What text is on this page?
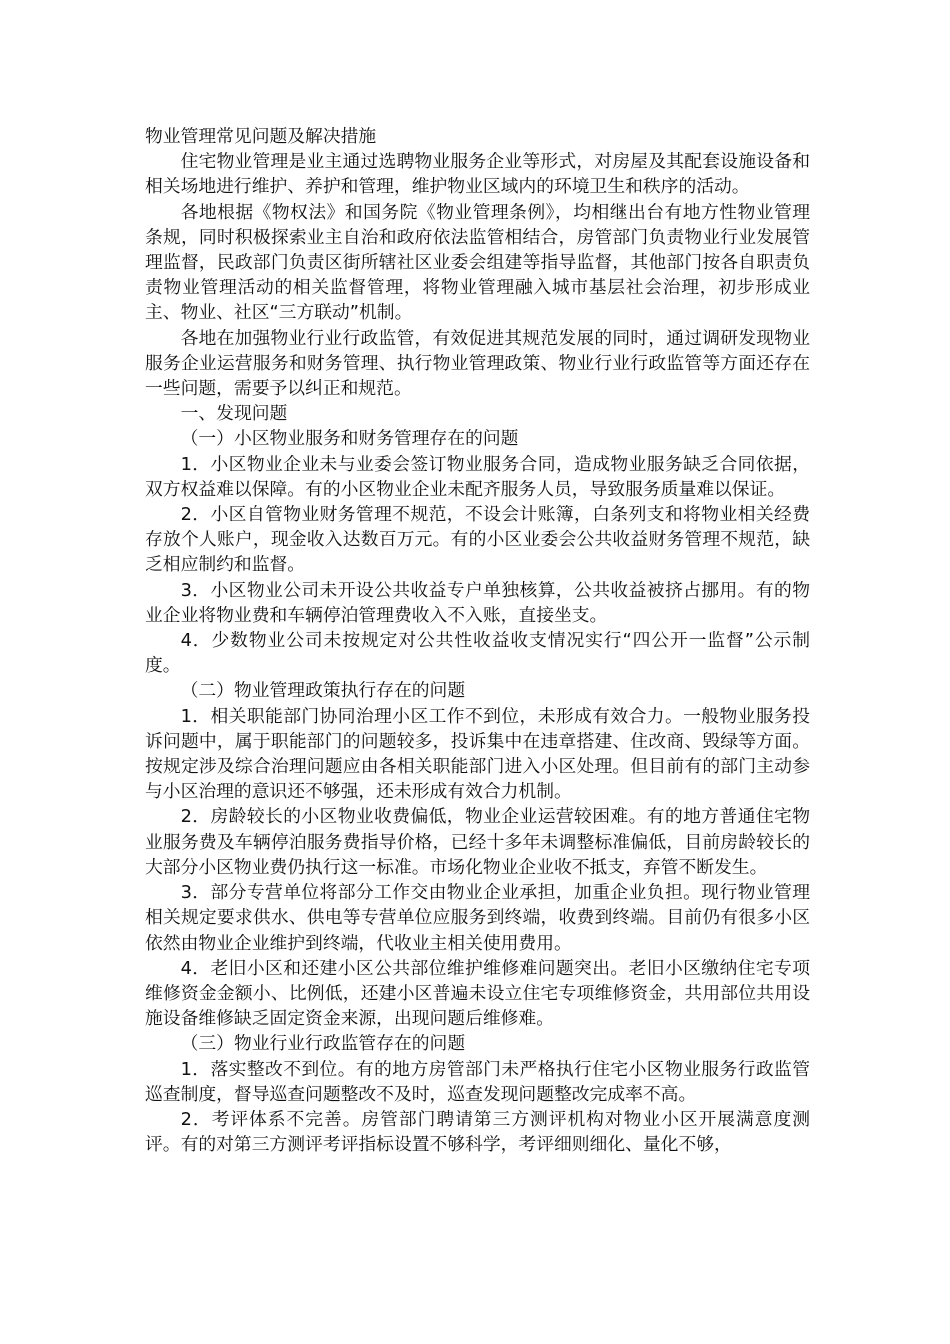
物业管理常见问题及解决措施

住宅物业管理是业主通过选聘物业服务企业等形式，对房屋及其配套设施设备和相关场地进行维护、养护和管理，维护物业区域内的环境卫生和秩序的活动。

各地根据《物权法》和国务院《物业管理条例》，均相继出台有地方性物业管理条规，同时积极探索业主自治和政府依法监管相结合，房管部门负责物业行业发展管理监督，民政部门负责区街所辖社区业委会组建等指导监督，其他部门按各自职责负责物业管理活动的相关监督管理，将物业管理融入城市基层社会治理，初步形成业主、物业、社区“三方联动”机制。

各地在加强物业行业行政监管，有效促进其规范发展的同时，通过调研发现物业服务企业运营服务和财务管理、执行物业管理政策、物业行业行政监管等方面还存在一些问题，需要予以纠正和规范。

一、发现问题

（一）小区物业服务和财务管理存在的问题

1．小区物业企业未与业委会签订物业服务合同，造成物业服务缺乏合同依据，双方权益难以保障。有的小区物业企业未配齐服务人员，导致服务质量难以保证。

2．小区自管物业财务管理不规范，不设会计账簿，白条列支和将物业相关经费存放个人账户，现金收入达数百万元。有的小区业委会公共收益财务管理不规范，缺乏相应制约和监督。

3．小区物业公司未开设公共收益专户单独核算，公共收益被挤占挪用。有的物业企业将物业费和车辆停泊管理费收入不入账，直接坐支。

4．少数物业公司未按规定对公共性收益收支情况实行“四公开一监督”公示制度。

（二）物业管理政策执行存在的问题

1．相关职能部门协同治理小区工作不到位，未形成有效合力。一般物业服务投诉问题中，属于职能部门的问题较多，投诉集中在违章搭建、住改商、毁绿等方面。按规定涉及综合治理问题应由各相关职能部门进入小区处理。但目前有的部门主动参与小区治理的意识还不够强，还未形成有效合力机制。

2．房龄较长的小区物业收费偏低，物业企业运营较困难。有的地方普通住宅物业服务费及车辆停泊服务费指导价格，已经十多年未调整标准偏低，目前房龄较长的大部分小区物业费仍执行这一标准。市场化物业企业收不抵支，弃管不断发生。

3．部分专营单位将部分工作交由物业企业承担，加重企业负担。现行物业管理相关规定要求供水、供电等专营单位应服务到终端，收费到终端。目前仍有很多小区依然由物业企业维护到终端，代收业主相关使用费用。

4．老旧小区和还建小区公共部位维护维修难问题突出。老旧小区缴纳住宅专项维修资金金额小、比例低，还建小区普遍未设立住宅专项维修资金，共用部位共用设施设备维修缺乏固定资金来源，出现问题后维修难。

（三）物业行业行政监管存在的问题

1．落实整改不到位。有的地方房管部门未严格执行住宅小区物业服务行政监管巡查制度，督导巡查问题整改不及时，巡查发现问题整改完成率不高。

2．考评体系不完善。房管部门聘请第三方测评机构对物业小区开展满意度测评。有的对第三方测评考评指标设置不够科学，考评细则细化、量化不够，
